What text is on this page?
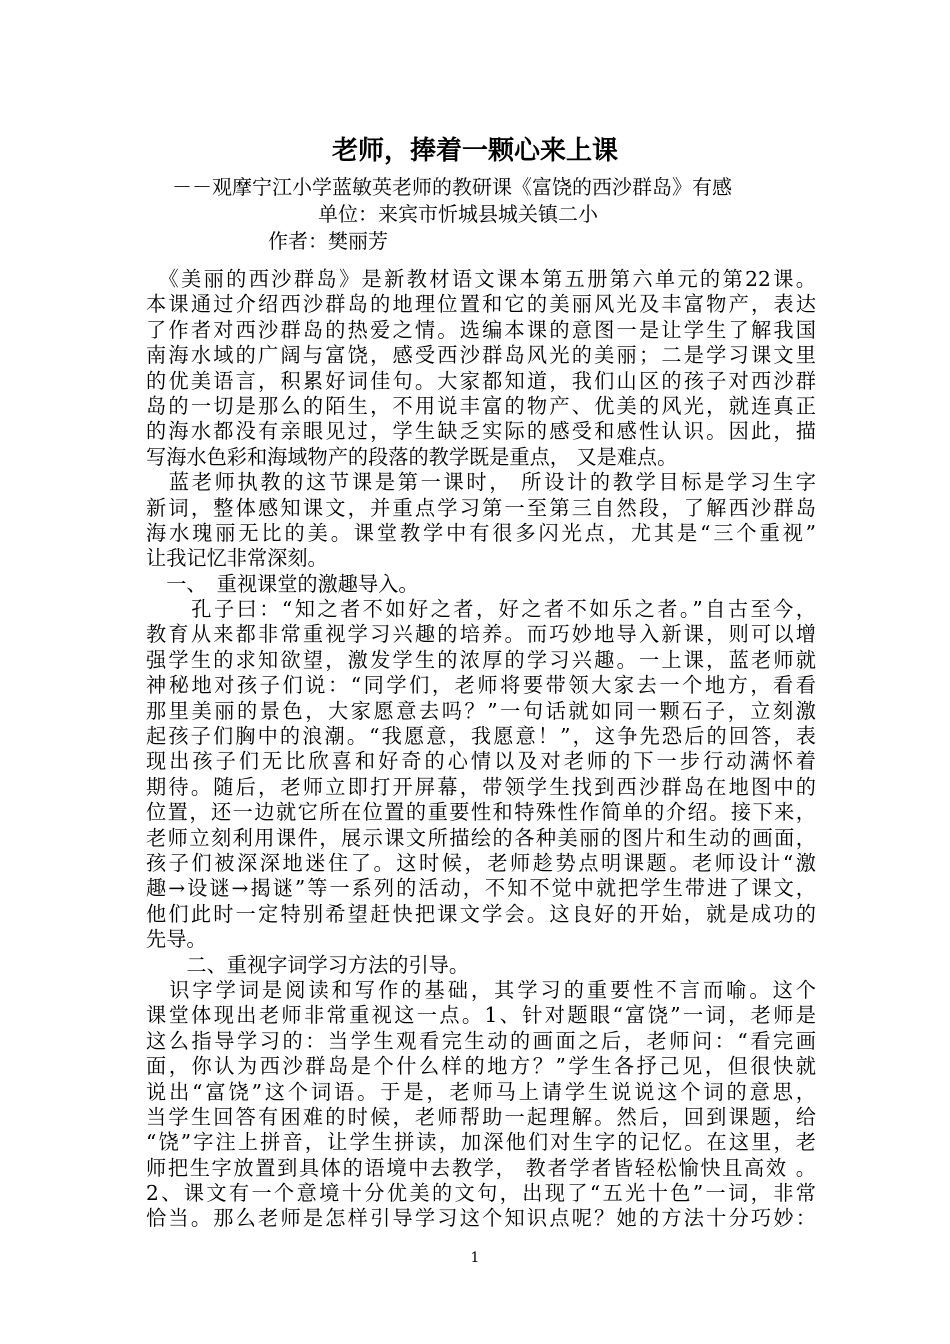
老师，捧着一颗心来上课
－－观摩宁江小学蓝敏英老师的教研课《富饶的西沙群岛》有感
单位：来宾市忻城县城关镇二小
作者：樊丽芳
　《美丽的西沙群岛》是新教材语文课本第五册第六单元的第22课。
本课通过介绍西沙群岛的地理位置和它的美丽风光及丰富物产，表达
了作者对西沙群岛的热爱之情。选编本课的意图一是让学生了解我国
南海水域的广阔与富饶，感受西沙群岛风光的美丽；二是学习课文里
的优美语言，积累好词佳句。大家都知道，我们山区的孩子对西沙群
岛的一切是那么的陌生，不用说丰富的物产、优美的风光，就连真正
的海水都没有亲眼见过，学生缺乏实际的感受和感性认识。因此，描
写海水色彩和海域物产的段落的教学既是重点， 又是难点。
　蓝老师执教的这节课是第一课时， 所设计的教学目标是学习生字
新词，整体感知课文，并重点学习第一至第三自然段，了解西沙群岛
海水瑰丽无比的美。课堂教学中有很多闪光点，尤其是“三个重视”
让我记忆非常深刻。
　一、　重视课堂的激趣导入。
　　孔子曰：“知之者不如好之者，好之者不如乐之者。”自古至今，
教育从来都非常重视学习兴趣的培养。而巧妙地导入新课，则可以增
强学生的求知欲望，激发学生的浓厚的学习兴趣。一上课，蓝老师就
神秘地对孩子们说：“同学们，老师将要带领大家去一个地方，看看
那里美丽的景色，大家愿意去吗？”一句话就如同一颗石子，立刻激
起孩子们胸中的浪潮。“我愿意，我愿意！”，这争先恐后的回答，表
现出孩子们无比欣喜和好奇的心情以及对老师的下一步行动满怀着
期待。随后，老师立即打开屏幕，带领学生找到西沙群岛在地图中的
位置，还一边就它所在位置的重要性和特殊性作简单的介绍。接下来，
老师立刻利用课件，展示课文所描绘的各种美丽的图片和生动的画面，
孩子们被深深地迷住了。这时候，老师趁势点明课题。老师设计“激
趣→设谜→揭谜”等一系列的活动，不知不觉中就把学生带进了课文，
他们此时一定特别希望赶快把课文学会。这良好的开始，就是成功的
先导。
　　二、重视字词学习方法的引导。
　识字学词是阅读和写作的基础，其学习的重要性不言而喻。这个
课堂体现出老师非常重视这一点。1、针对题眼“富饶”一词，老师是
这么指导学习的：当学生观看完生动的画面之后，老师问：“看完画
面，你认为西沙群岛是个什么样的地方？”学生各抒己见，但很快就
说出“富饶”这个词语。于是，老师马上请学生说说这个词的意思，
当学生回答有困难的时候，老师帮助一起理解。然后，回到课题，给
“饶”字注上拼音，让学生拼读，加深他们对生字的记忆。在这里，老
师把生字放置到具体的语境中去教学， 教者学者皆轻松愉快且高效 。
2、课文有一个意境十分优美的文句，出现了“五光十色”一词，非常
恰当。那么老师是怎样引导学习这个知识点呢？她的方法十分巧妙：
1
